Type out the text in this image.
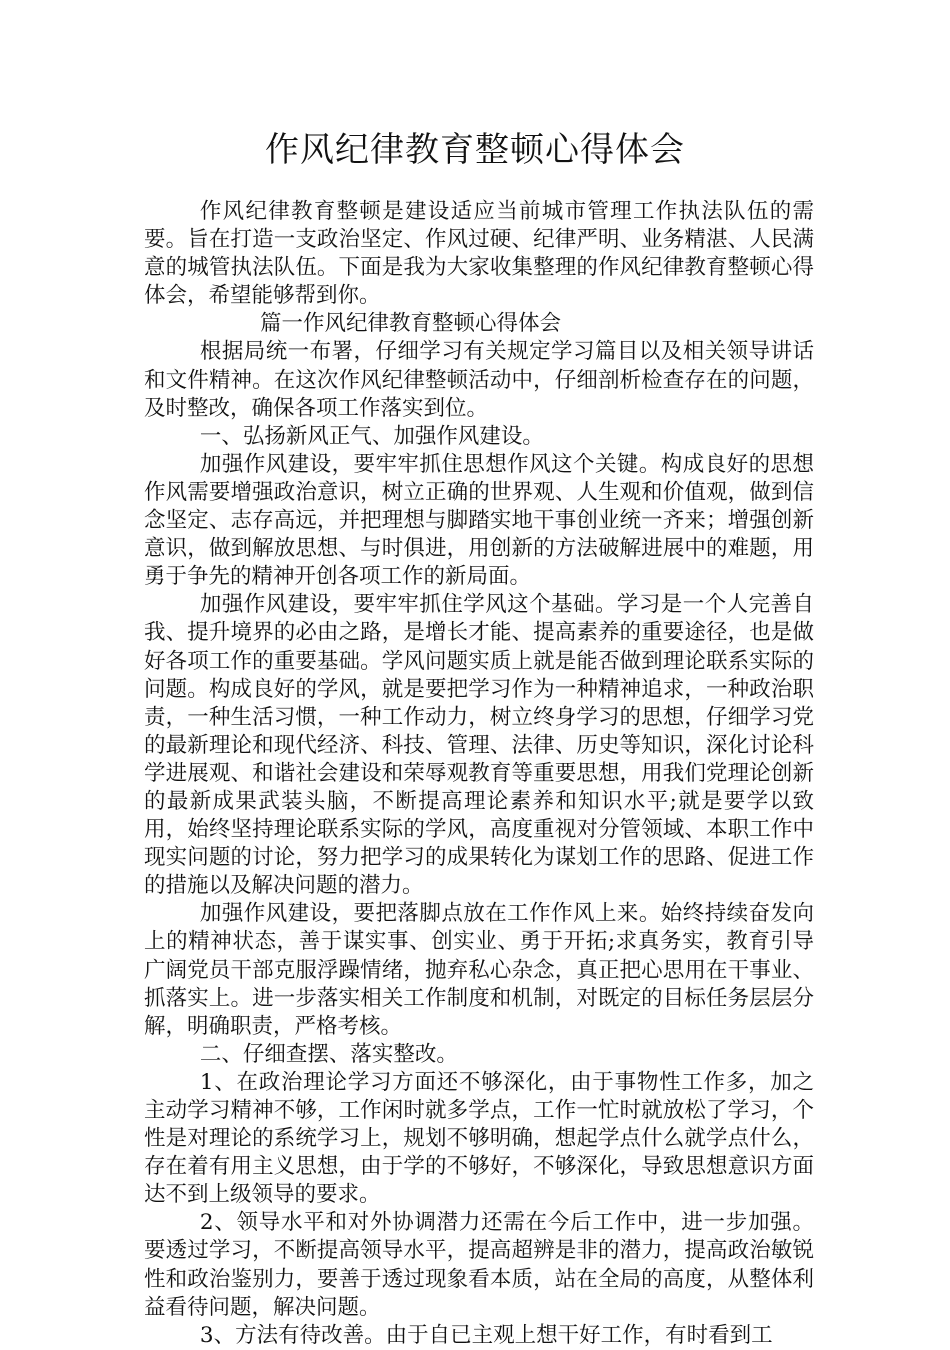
作风纪律教育整顿心得体会

作风纪律教育整顿是建设适应当前城市管理工作执法队伍的需要。旨在打造一支政治坚定、作风过硬、纪律严明、业务精湛、人民满意的城管执法队伍。下面是我为大家收集整理的作风纪律教育整顿心得体会，希望能够帮到你。

篇一作风纪律教育整顿心得体会

根据局统一布署，仔细学习有关规定学习篇目以及相关领导讲话和文件精神。在这次作风纪律整顿活动中，仔细剖析检查存在的问题，及时整改，确保各项工作落实到位。

一、弘扬新风正气、加强作风建设。

加强作风建设，要牢牢抓住思想作风这个关键。构成良好的思想作风需要增强政治意识，树立正确的世界观、人生观和价值观，做到信念坚定、志存高远，并把理想与脚踏实地干事创业统一齐来；增强创新意识，做到解放思想、与时俱进，用创新的方法破解进展中的难题，用勇于争先的精神开创各项工作的新局面。

加强作风建设，要牢牢抓住学风这个基础。学习是一个人完善自我、提升境界的必由之路，是增长才能、提高素养的重要途径，也是做好各项工作的重要基础。学风问题实质上就是能否做到理论联系实际的问题。构成良好的学风，就是要把学习作为一种精神追求，一种政治职责，一种生活习惯，一种工作动力，树立终身学习的思想，仔细学习党的最新理论和现代经济、科技、管理、法律、历史等知识，深化讨论科学进展观、和谐社会建设和荣辱观教育等重要思想，用我们党理论创新的最新成果武装头脑，不断提高理论素养和知识水平;就是要学以致用，始终坚持理论联系实际的学风，高度重视对分管领域、本职工作中现实问题的讨论，努力把学习的成果转化为谋划工作的思路、促进工作的措施以及解决问题的潜力。

加强作风建设，要把落脚点放在工作作风上来。始终持续奋发向上的精神状态，善于谋实事、创实业、勇于开拓;求真务实，教育引导广阔党员干部克服浮躁情绪，抛弃私心杂念，真正把心思用在干事业、抓落实上。进一步落实相关工作制度和机制，对既定的目标任务层层分解，明确职责，严格考核。

二、仔细查摆、落实整改。

1、在政治理论学习方面还不够深化，由于事物性工作多，加之主动学习精神不够，工作闲时就多学点，工作一忙时就放松了学习，个性是对理论的系统学习上，规划不够明确，想起学点什么就学点什么，存在着有用主义思想，由于学的不够好，不够深化，导致思想意识方面达不到上级领导的要求。

2、领导水平和对外协调潜力还需在今后工作中，进一步加强。要透过学习，不断提高领导水平，提高超辨是非的潜力，提高政治敏锐性和政治鉴别力，要善于透过现象看本质，站在全局的高度，从整体利益看待问题，解决问题。

3、方法有待改善。由于自已主观上想干好工作，有时看到工
